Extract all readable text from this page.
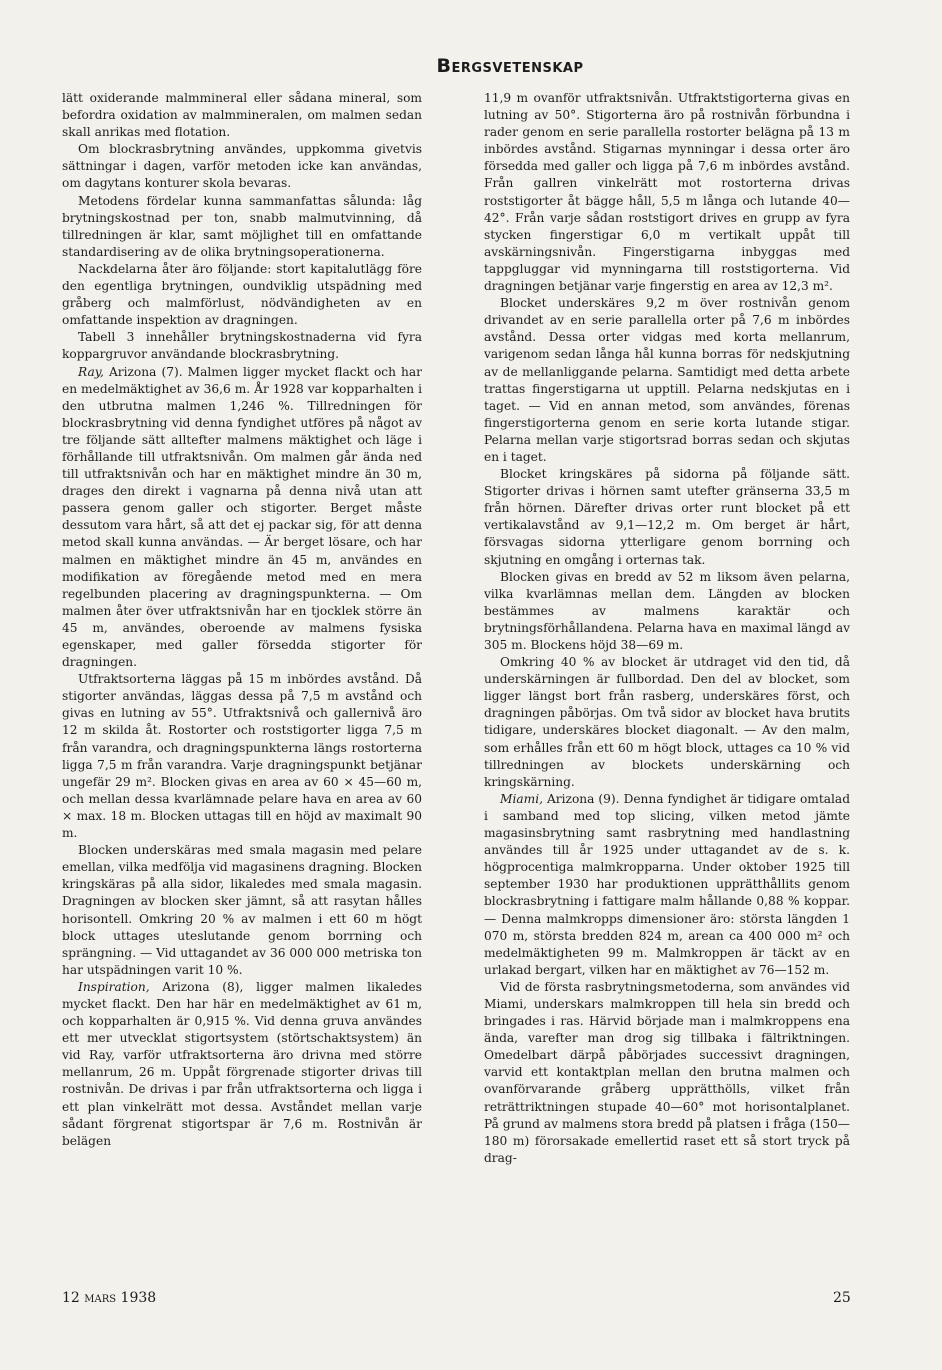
Bergsvetenskap

lätt oxiderande malmmineral eller sådana mineral, som befordra oxidation av malmmineralen, om malmen sedan skall anrikas med flotation.

Om blockrasbrytning användes, uppkomma givetvis sättningar i dagen, varför metoden icke kan användas, om dagytans konturer skola bevaras.

Metodens fördelar kunna sammanfattas sålunda: låg brytningskostnad per ton, snabb malmutvinning, då tillredningen är klar, samt möjlighet till en omfattande standardisering av de olika brytningsoperationerna.

Nackdelarna åter äro följande: stort kapitalutlägg före den egentliga brytningen, oundviklig utspädning med gråberg och malmförlust, nödvändigheten av en omfattande inspektion av dragningen.

Tabell 3 innehåller brytningskostnaderna vid fyra koppargruvor användande blockrasbrytning.

Ray, Arizona (7). Malmen ligger mycket flackt och har en medelmäktighet av 36,6 m. År 1928 var kopparhalten i den utbrutna malmen 1,246 %. Tillredningen för blockrasbrytning vid denna fyndighet utföres på något av tre följande sätt alltefter malmens mäktighet och läge i förhållande till utfraktsnivån. Om malmen går ända ned till utfraktsnivån och har en mäktighet mindre än 30 m, drages den direkt i vagnarna på denna nivå utan att passera genom galler och stigorter. Berget måste dessutom vara hårt, så att det ej packar sig, för att denna metod skall kunna användas. — Är berget lösare, och har malmen en mäktighet mindre än 45 m, användes en modifikation av föregående metod med en mera regelbunden placering av dragningspunkterna. — Om malmen åter över utfraktsnivån har en tjocklek större än 45 m, användes, oberoende av malmens fysiska egenskaper, med galler försedda stigorter för dragningen.

Utfraktsorterna läggas på 15 m inbördes avstånd. Då stigorter användas, läggas dessa på 7,5 m avstånd och givas en lutning av 55°. Utfraktsnivå och gallernivå äro 12 m skilda åt. Rostorter och roststigorter ligga 7,5 m från varandra, och dragningspunkterna längs rostorterna ligga 7,5 m från varandra. Varje dragningspunkt betjänar ungefär 29 m². Blocken givas en area av 60 × 45—60 m, och mellan dessa kvarlämnade pelare hava en area av 60 × max. 18 m. Blocken uttagas till en höjd av maximalt 90 m.

Blocken underskäras med smala magasin med pelare emellan, vilka medfölja vid magasinens dragning. Blocken kringskäras på alla sidor, likaledes med smala magasin. Dragningen av blocken sker jämnt, så att rasytan hålles horisontell. Omkring 20 % av malmen i ett 60 m högt block uttages uteslutande genom borrning och sprängning. — Vid uttagandet av 36 000 000 metriska ton har utspädningen varit 10 %.

Inspiration, Arizona (8), ligger malmen likaledes mycket flackt. Den har här en medelmäktighet av 61 m, och kopparhalten är 0,915 %. Vid denna gruva användes ett mer utvecklat stigortsystem (störtschaktsystem) än vid Ray, varför utfraktsorterna äro drivna med större mellanrum, 26 m. Uppåt förgrenade stigorter drivas till rostnivån. De drivas i par från utfraktsorterna och ligga i ett plan vinkelrätt mot dessa. Avståndet mellan varje sådant förgrenat stigortspar är 7,6 m. Rostnivån är belägen

11,9 m ovanför utfraktsnivån. Utfraktstigorterna givas en lutning av 50°. Stigorterna äro på rostnivån förbundna i rader genom en serie parallella rostorter belägna på 13 m inbördes avstånd. Stigarnas mynningar i dessa orter äro försedda med galler och ligga på 7,6 m inbördes avstånd. Från gallren vinkelrätt mot rostorterna drivas roststigorter åt bägge håll, 5,5 m långa och lutande 40—42°. Från varje sådan roststigort drives en grupp av fyra stycken fingerstigar 6,0 m vertikalt uppåt till avskärningsnivån. Fingerstigarna inbyggas med tappgluggar vid mynningarna till roststigorterna. Vid dragningen betjänar varje fingerstig en area av 12,3 m².

Blocket underskäres 9,2 m över rostnivån genom drivandet av en serie parallella orter på 7,6 m inbördes avstånd. Dessa orter vidgas med korta mellanrum, varigenom sedan långa hål kunna borras för nedskjutning av de mellanliggande pelarna. Samtidigt med detta arbete trattas fingerstigarna ut upptill. Pelarna nedskjutas en i taget. — Vid en annan metod, som användes, förenas fingerstigorterna genom en serie korta lutande stigar. Pelarna mellan varje stigortsrad borras sedan och skjutas en i taget.

Blocket kringskäres på sidorna på följande sätt. Stigorter drivas i hörnen samt utefter gränserna 33,5 m från hörnen. Därefter drivas orter runt blocket på ett vertikalavstånd av 9,1—12,2 m. Om berget är hårt, försvagas sidorna ytterligare genom borrning och skjutning en omgång i orternas tak.

Blocken givas en bredd av 52 m liksom även pelarna, vilka kvarlämnas mellan dem. Längden av blocken bestämmes av malmens karaktär och brytningsförhållandena. Pelarna hava en maximal längd av 305 m. Blockens höjd 38—69 m.

Omkring 40 % av blocket är utdraget vid den tid, då underskärningen är fullbordad. Den del av blocket, som ligger längst bort från rasberg, underskäres först, och dragningen påbörjas. Om två sidor av blocket hava brutits tidigare, underskäres blocket diagonalt. — Av den malm, som erhålles från ett 60 m högt block, uttages ca 10 % vid tillredningen av blockets underskärning och kringskärning.

Miami, Arizona (9). Denna fyndighet är tidigare omtalad i samband med top slicing, vilken metod jämte magasinsbrytning samt rasbrytning med handlastning användes till år 1925 under uttagandet av de s. k. högprocentiga malmkropparna. Under oktober 1925 till september 1930 har produktionen upprätthållits genom blockrasbrytning i fattigare malm hållande 0,88 % koppar. — Denna malmkropps dimensioner äro: största längden 1 070 m, största bredden 824 m, arean ca 400 000 m² och medelmäktigheten 99 m. Malmkroppen är täckt av en urlakad bergart, vilken har en mäktighet av 76—152 m.

Vid de första rasbrytningsmetoderna, som användes vid Miami, underskars malmkroppen till hela sin bredd och bringades i ras. Härvid började man i malmkroppens ena ända, varefter man drog sig tillbaka i fältriktningen. Omedelbart därpå påbörjades successivt dragningen, varvid ett kontaktplan mellan den brutna malmen och ovanförvarande gråberg upprätthölls, vilket från reträttriktningen stupade 40—60° mot horisontalplanet. På grund av malmens stora bredd på platsen i fråga (150—180 m) förorsakade emellertid raset ett så stort tryck på drag-

12 mars 1938	25
